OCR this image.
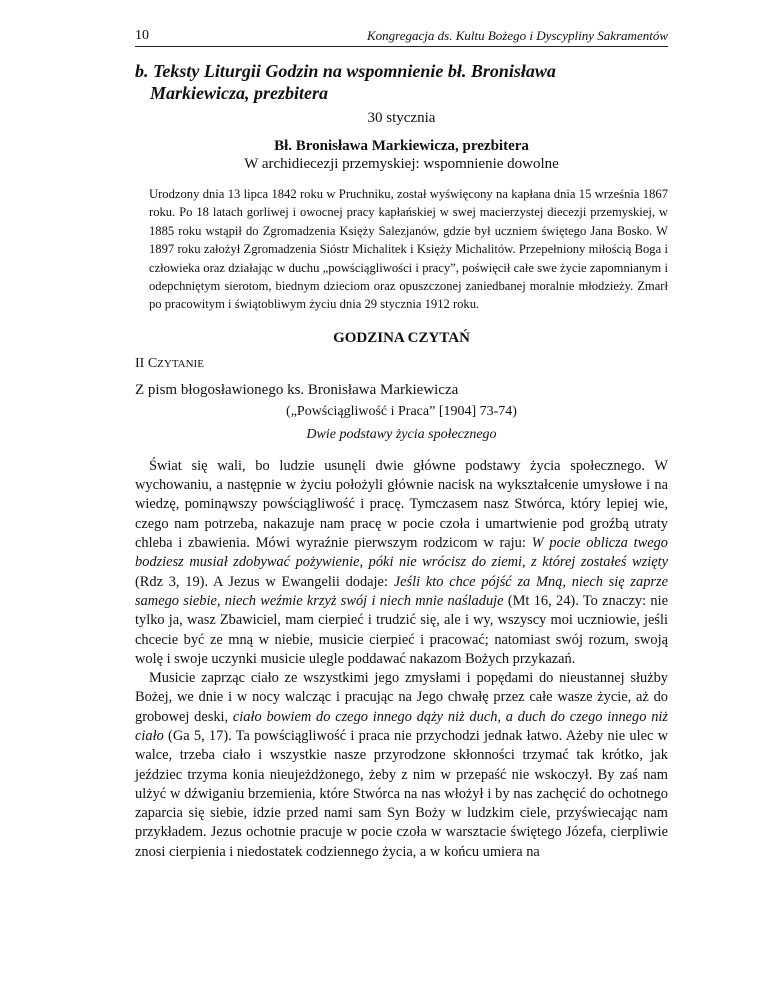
10	Kongregacja ds. Kultu Bożego i Dyscypliny Sakramentów
b. Teksty Liturgii Godzin na wspomnienie bł. Bronisława
Markiewicza, prezbitera
30 stycznia
Bł. Bronisława Markiewicza, prezbitera
W archidiecezji przemyskiej: wspomnienie dowolne
Urodzony dnia 13 lipca 1842 roku w Pruchniku, został wyświęcony na kapłana dnia 15 września 1867 roku. Po 18 latach gorliwej i owocnej pracy kapłańskiej w swej macierzystej diecezji przemyskiej, w 1885 roku wstąpił do Zgromadzenia Księży Salezjanów, gdzie był uczniem świętego Jana Bosko. W 1897 roku założył Zgromadzenia Sióstr Michalitek i Księży Michalitów. Przepełniony miłością Boga i człowieka oraz działając w duchu „powściągliwości i pracy”, poświęcił całe swe życie zapomnianym i odepchniętym sierotom, biednym dzieciom oraz opuszczonej zaniedbanej moralnie młodzieży. Zmarł po pracowitym i świątobliwym życiu dnia 29 stycznia 1912 roku.
GODZINA CZYTAŃ
II CZYTANIE
Z pism błogosławionego ks. Bronisława Markiewicza
(„Powściągliwość i Praca” [1904] 73-74)
Dwie podstawy życia społecznego

Świat się wali, bo ludzie usunęli dwie główne podstawy życia społecznego. W wychowaniu, a następnie w życiu położyli głównie nacisk na wykształcenie umysłowe i na wiedzę, pominąwszy powściągliwość i pracę. Tymczasem nasz Stwórca, który lepiej wie, czego nam potrzeba, nakazuje nam pracę w pocie czoła i umartwienie pod groźbą utraty chleba i zbawienia. Mówi wyraźnie pierwszym rodzicom w raju: W pocie oblicza twego bodziesz musiał zdobywać pożywienie, póki nie wrócisz do ziemi, z której zostałeś wzięty (Rdz 3, 19). A Jezus w Ewangelii dodaje: Jeśli kto chce pójść za Mną, niech się zaprze samego siebie, niech weźmie krzyż swój i niech mnie naśladuje (Mt 16, 24). To znaczy: nie tylko ja, wasz Zbawiciel, mam cierpieć i trudzić się, ale i wy, wszyscy moi uczniowie, jeśli chcecie być ze mną w niebie, musicie cierpieć i pracować; natomiast swój rozum, swoją wolę i swoje uczynki musicie ulegle poddawać nakazom Bożych przykazań.

Musicie zaprząc ciało ze wszystkimi jego zmysłami i popędami do nieustannej służby Bożej, we dnie i w nocy walcząc i pracując na Jego chwałę przez całe wasze życie, aż do grobowej deski, ciało bowiem do czego innego dąży niż duch, a duch do czego innego niż ciało (Ga 5, 17). Ta powściągliwość i praca nie przychodzi jednak łatwo. Ażeby nie ulec w walce, trzeba ciało i wszystkie nasze przyrodzone skłonności trzymać tak krótko, jak jeździec trzyma konia nieujeżdżonego, żeby z nim w przepaść nie wskoczył. By zaś nam ulżyć w dźwiganiu brzemienia, które Stwórca na nas włożył i by nas zachęcić do ochotnego zaparcia się siebie, idzie przed nami sam Syn Boży w ludzkim ciele, przyświecając nam przykładem. Jezus ochotnie pracuje w pocie czoła w warsztacie świętego Józefa, cierpliwie znosi cierpienia i niedostatek codziennego życia, a w końcu umiera na
